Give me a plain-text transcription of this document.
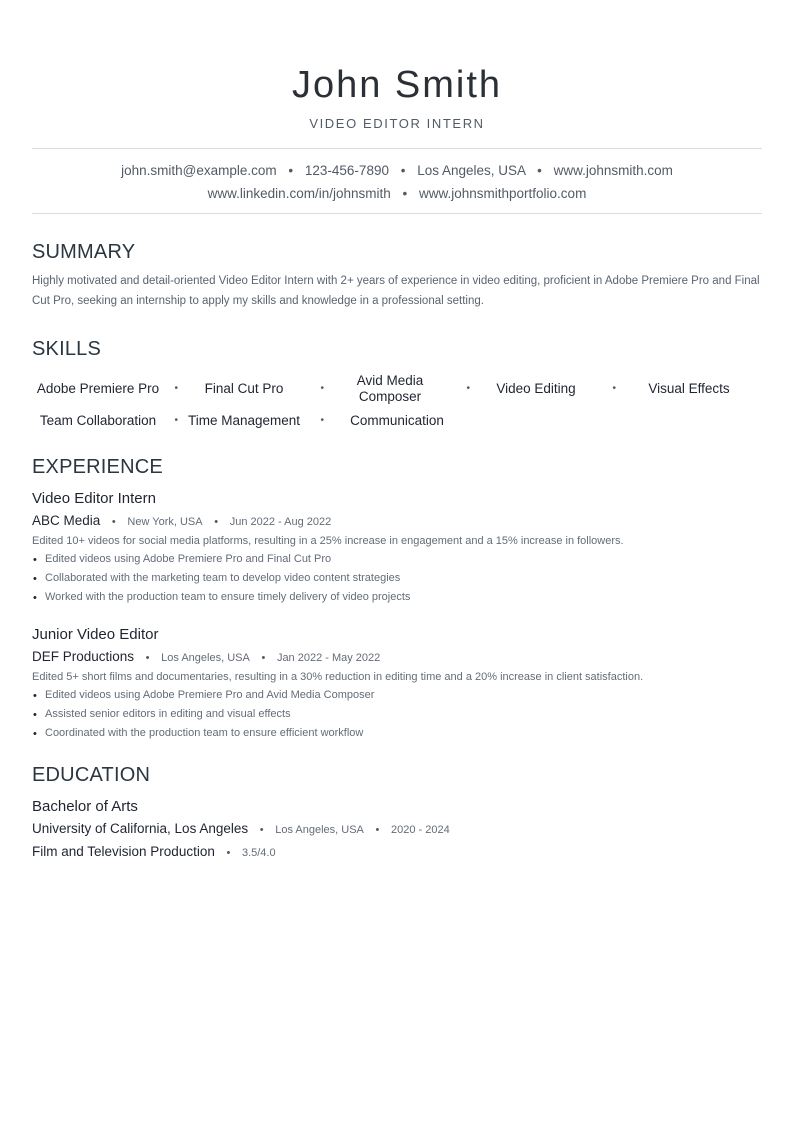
John Smith
VIDEO EDITOR INTERN
john.smith@example.com • 123-456-7890 • Los Angeles, USA • www.johnsmith.com
www.linkedin.com/in/johnsmith • www.johnsmithportfolio.com
SUMMARY
Highly motivated and detail-oriented Video Editor Intern with 2+ years of experience in video editing, proficient in Adobe Premiere Pro and Final Cut Pro, seeking an internship to apply my skills and knowledge in a professional setting.
SKILLS
Adobe Premiere Pro • Final Cut Pro	•
Avid Media Composer
• Video Editing	• Visual Effects
Team Collaboration • Time Management • Communication
EXPERIENCE
Video Editor Intern
ABC Media • New York, USA • Jun 2022 - Aug 2022
Edited 10+ videos for social media platforms, resulting in a 25% increase in engagement and a 15% increase in followers.
• Edited videos using Adobe Premiere Pro and Final Cut Pro
• Collaborated with the marketing team to develop video content strategies
• Worked with the production team to ensure timely delivery of video projects
Junior Video Editor
DEF Productions • Los Angeles, USA • Jan 2022 - May 2022
Edited 5+ short films and documentaries, resulting in a 30% reduction in editing time and a 20% increase in client satisfaction.
• Edited videos using Adobe Premiere Pro and Avid Media Composer
• Assisted senior editors in editing and visual effects
• Coordinated with the production team to ensure efficient workflow
EDUCATION
Bachelor of Arts
University of California, Los Angeles • Los Angeles, USA • 2020 - 2024
Film and Television Production • 3.5/4.0
